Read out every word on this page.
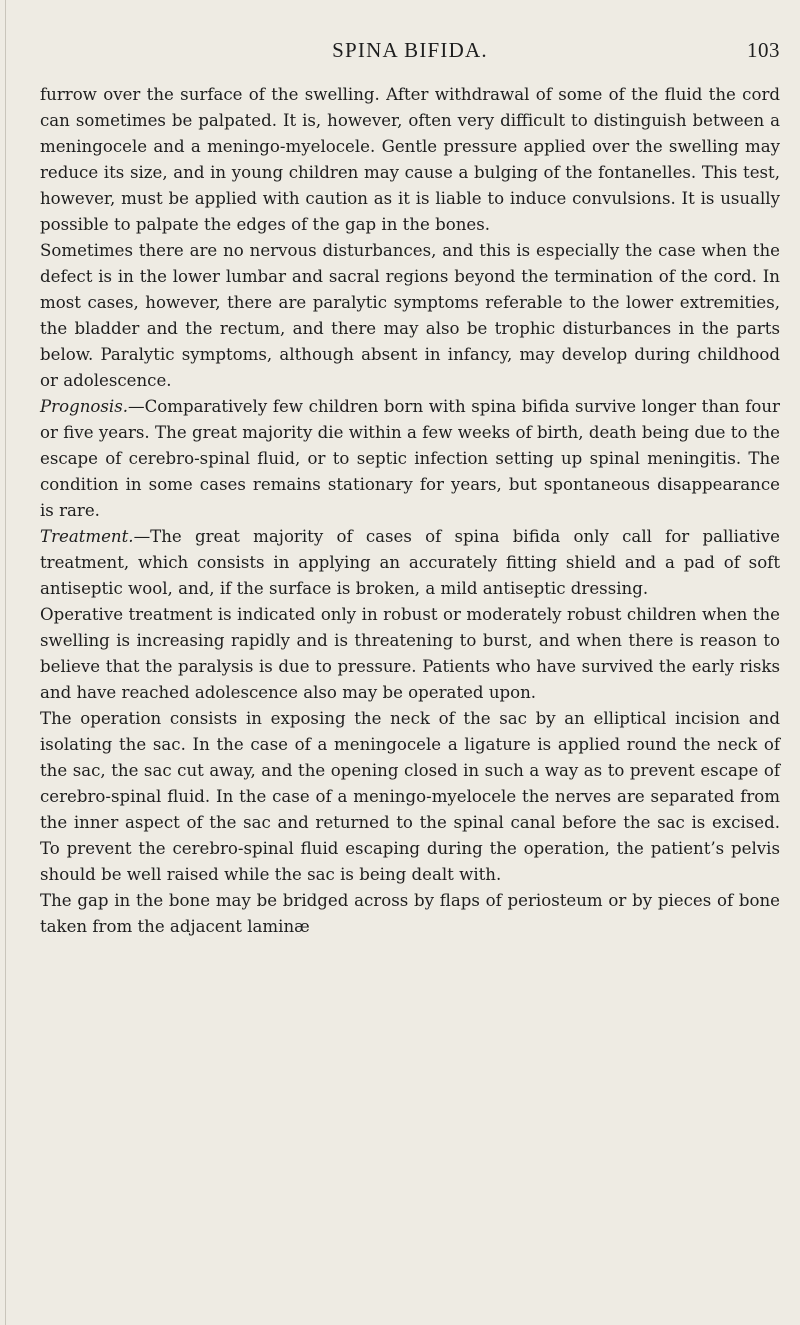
SPINA BIFIDA.	103

furrow over the surface of the swelling. After withdrawal of some of the fluid the cord can sometimes be palpated. It is, however, often very difficult to distinguish between a meningocele and a meningo-myelocele. Gentle pressure applied over the swelling may reduce its size, and in young children may cause a bulging of the fontanelles. This test, however, must be applied with caution as it is liable to induce convulsions. It is usually possible to palpate the edges of the gap in the bones.

Sometimes there are no nervous disturbances, and this is especially the case when the defect is in the lower lumbar and sacral regions beyond the termination of the cord. In most cases, however, there are paralytic symptoms referable to the lower extremities, the bladder and the rectum, and there may also be trophic disturbances in the parts below. Paralytic symptoms, although absent in infancy, may develop during childhood or adolescence.

Prognosis.—Comparatively few children born with spina bifida survive longer than four or five years. The great majority die within a few weeks of birth, death being due to the escape of cerebro-spinal fluid, or to septic infection setting up spinal meningitis. The condition in some cases remains stationary for years, but spontaneous disappearance is rare.

Treatment.—The great majority of cases of spina bifida only call for palliative treatment, which consists in applying an accurately fitting shield and a pad of soft antiseptic wool, and, if the surface is broken, a mild antiseptic dressing.

Operative treatment is indicated only in robust or moderately robust children when the swelling is increasing rapidly and is threatening to burst, and when there is reason to believe that the paralysis is due to pressure. Patients who have survived the early risks and have reached adolescence also may be operated upon.

The operation consists in exposing the neck of the sac by an elliptical incision and isolating the sac. In the case of a meningocele a ligature is applied round the neck of the sac, the sac cut away, and the opening closed in such a way as to prevent escape of cerebro-spinal fluid. In the case of a meningo-myelocele the nerves are separated from the inner aspect of the sac and returned to the spinal canal before the sac is excised. To prevent the cerebro-spinal fluid escaping during the operation, the patient’s pelvis should be well raised while the sac is being dealt with.

The gap in the bone may be bridged across by flaps of periosteum or by pieces of bone taken from the adjacent laminæ
